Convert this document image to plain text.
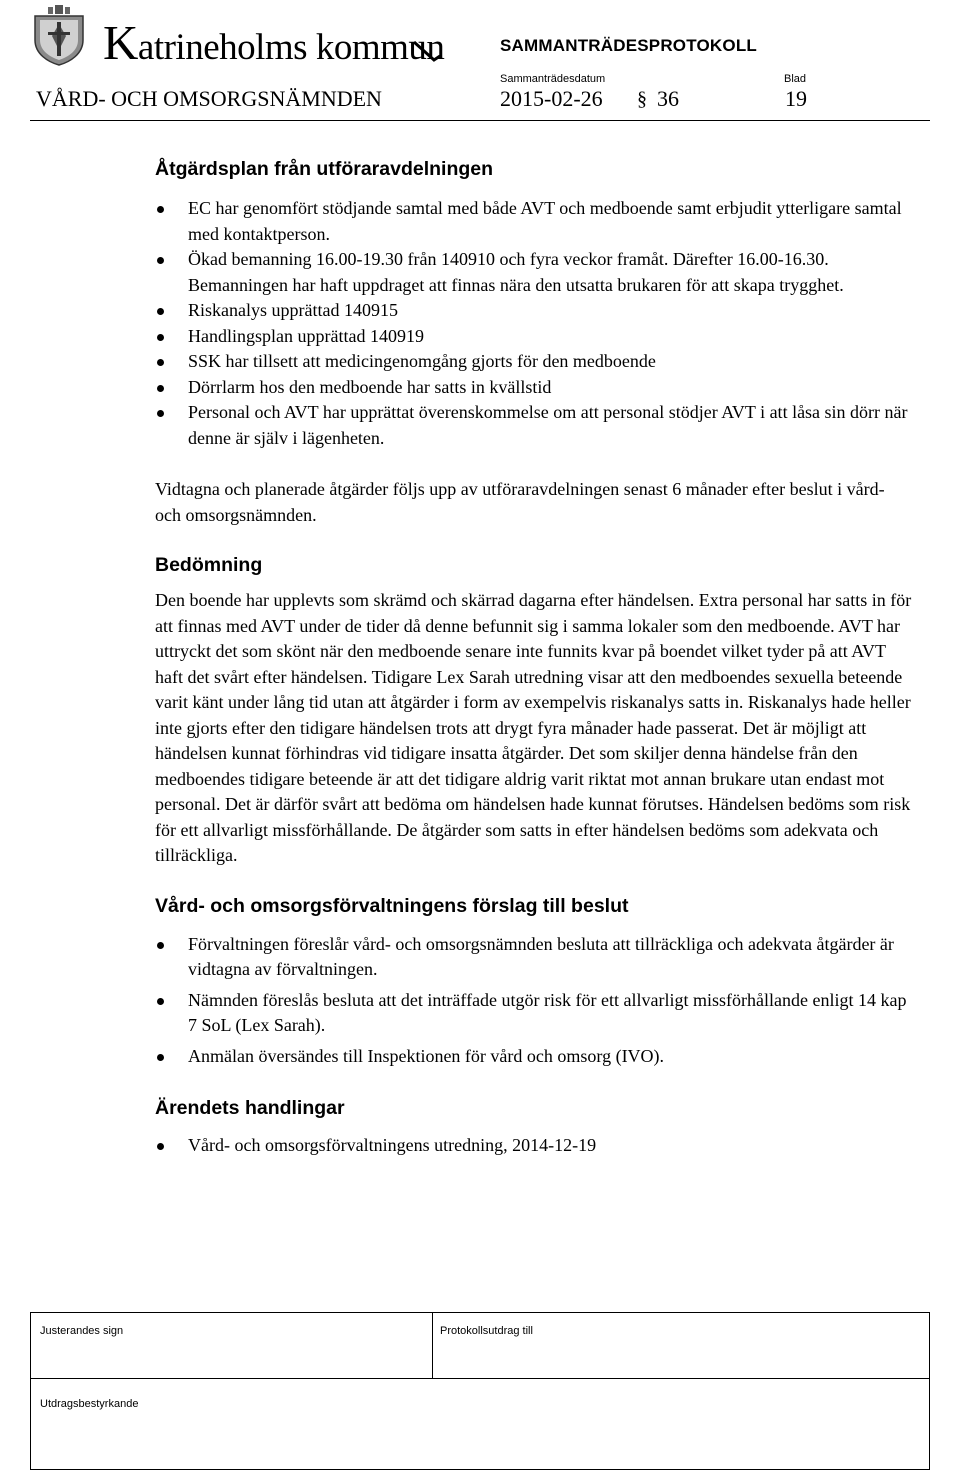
Katrineholms kommun	SAMMANTRÄDESPROTOKOLL
Sammanträdesdatum	Blad
VÅRD- OCH OMSORGSNÄMNDEN	2015-02-26 § 36	19
Åtgärdsplan från utföraravdelningen
EC har genomfört stödjande samtal med både AVT och medboende samt erbjudit ytterligare samtal med kontaktperson.
Ökad bemanning 16.00-19.30 från 140910 och fyra veckor framåt. Därefter 16.00-16.30. Bemanningen har haft uppdraget att finnas nära den utsatta brukaren för att skapa trygghet.
Riskanalys upprättad 140915
Handlingsplan upprättad 140919
SSK har tillsett att medicingenomgång gjorts för den medboende
Dörrlarm hos den medboende har satts in kvällstid
Personal och AVT har upprättat överenskommelse om att personal stödjer AVT i att låsa sin dörr när denne är själv i lägenheten.

Vidtagna och planerade åtgärder följs upp av utföraravdelningen senast 6 månader efter beslut i vård- och omsorgsnämnden.

Bedömning

Den boende har upplevts som skrämd och skärrad dagarna efter händelsen. Extra personal har satts in för att finnas med AVT under de tider då denne befunnit sig i samma lokaler som den medboende. AVT har uttryckt det som skönt när den medboende senare inte funnits kvar på boendet vilket tyder på att AVT haft det svårt efter händelsen. Tidigare Lex Sarah utredning visar att den medboendes sexuella beteende varit känt under lång tid utan att åtgärder i form av exempelvis riskanalys satts in. Riskanalys hade heller inte gjorts efter den tidigare händelsen trots att drygt fyra månader hade passerat. Det är möjligt att händelsen kunnat förhindras vid tidigare insatta åtgärder. Det som skiljer denna händelse från den medboendes tidigare beteende är att det tidigare aldrig varit riktat mot annan brukare utan endast mot personal. Det är därför svårt att bedöma om händelsen hade kunnat förutses. Händelsen bedöms som risk för ett allvarligt missförhållande. De åtgärder som satts in efter händelsen bedöms som adekvata och tillräckliga.

Vård- och omsorgsförvaltningens förslag till beslut
Förvaltningen föreslår vård- och omsorgsnämnden besluta att tillräckliga och adekvata åtgärder är vidtagna av förvaltningen.
Nämnden föreslås besluta att det inträffade utgör risk för ett allvarligt missförhållande enligt 14 kap 7 SoL (Lex Sarah).
Anmälan översändes till Inspektionen för vård och omsorg (IVO).
Ärendets handlingar
Vård- och omsorgsförvaltningens utredning, 2014-12-19
Justerandes sign	Protokollsutdrag till
Utdragsbestyrkande
